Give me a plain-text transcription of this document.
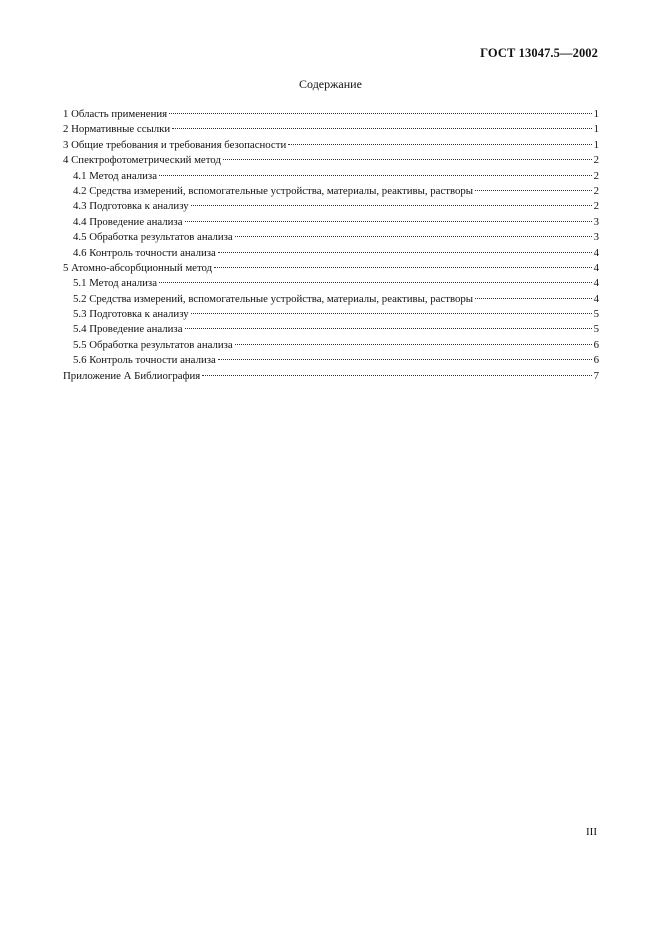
ГОСТ 13047.5—2002
Содержание
1 Область применения	1
2 Нормативные ссылки	1
3 Общие требования и требования безопасности	1
4 Спектрофотометрический метод	2
4.1 Метод анализа	2
4.2 Средства измерений, вспомогательные устройства, материалы, реактивы, растворы	2
4.3 Подготовка к анализу	2
4.4 Проведение анализа	3
4.5 Обработка результатов анализа	3
4.6 Контроль точности анализа	4
5 Атомно-абсорбционный метод	4
5.1 Метод анализа	4
5.2 Средства измерений, вспомогательные устройства, материалы, реактивы, растворы	4
5.3 Подготовка к анализу	5
5.4 Проведение анализа	5
5.5 Обработка результатов анализа	6
5.6 Контроль точности анализа	6
Приложение А Библиография	7
III
